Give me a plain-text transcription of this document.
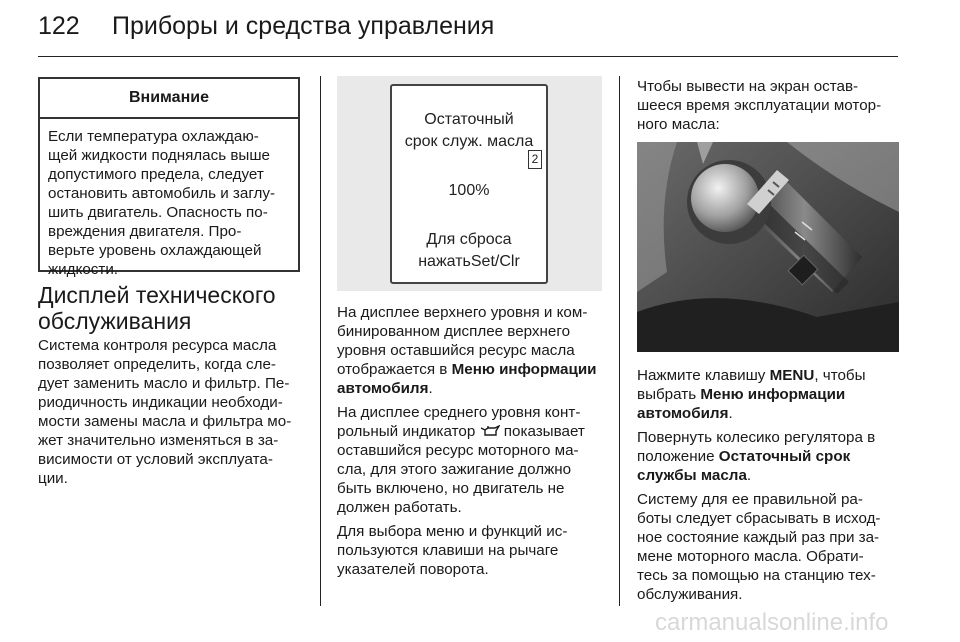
122 Приборы и средства управления
Внимание
Если температура охлаждаю-
щей жидкости поднялась выше
допустимого предела, следует
остановить автомобиль и заглу-
шить двигатель. Опасность по-
вреждения двигателя. Про-
верьте уровень охлаждающей
жидкости.
Дисплей технического
обслуживания
Система контроля ресурса масла
позволяет определить, когда сле-
дует заменить масло и фильтр. Пе-
риодичность индикации необходи-
мости замены масла и фильтра мо-
жет значительно изменяться в за-
висимости от условий эксплуата-
ции.
Остаточный
срок служ. масла
2
100%
Для сброса
нажатьSet/Clr

На дисплее верхнего уровня и ком-
бинированном дисплее верхнего
уровня оставшийся ресурс масла
отображается в Меню информации
автомобиля.

На дисплее среднего уровня конт-
рольный индикатор показывает
оставшийся ресурс моторного ма-
сла, для этого зажигание должно
быть включено, но двигатель не
должен работать.

Для выбора меню и функций ис-
пользуются клавиши на рычаге
указателей поворота.

Чтобы вывести на экран остав-
шееся время эксплуатации мотор-
ного масла:

Нажмите клавишу MENU, чтобы
выбрать Меню информации
автомобиля.

Повернуть колесико регулятора в
положение Остаточный срок
службы масла.

Систему для ее правильной ра-
боты следует сбрасывать в исход-
ное состояние каждый раз при за-
мене моторного масла. Обрати-
тесь за помощью на станцию тех-
обслуживания.

carmanualsonline.info
